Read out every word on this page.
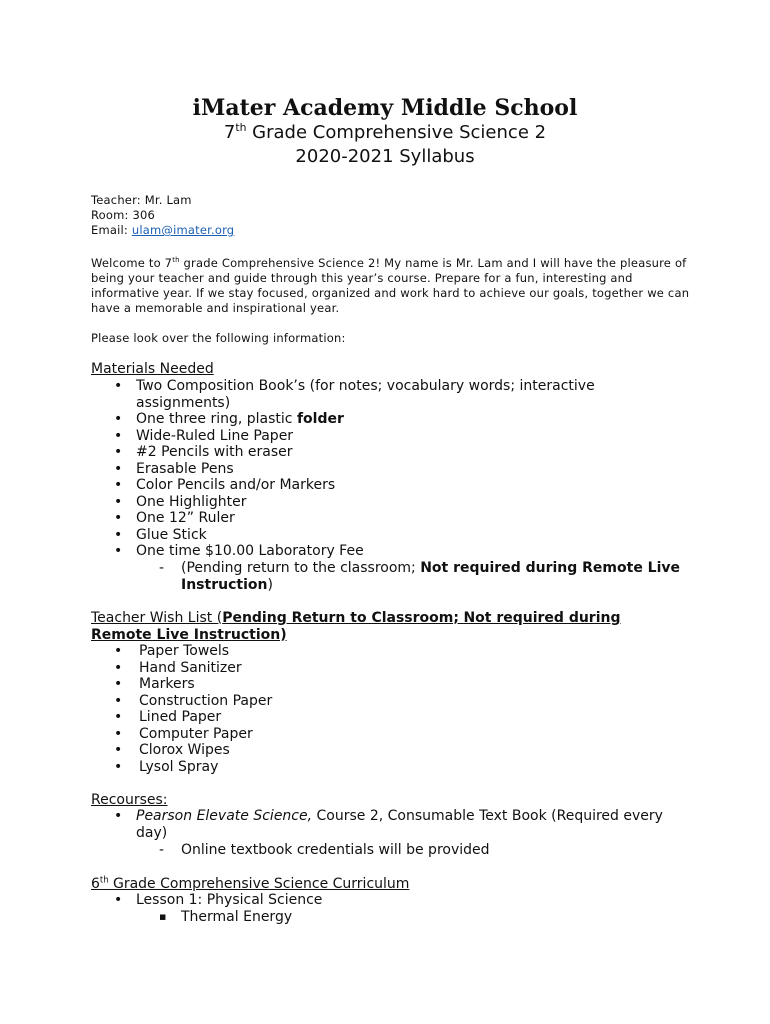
iMater Academy Middle School
7th Grade Comprehensive Science 2
2020-2021 Syllabus
Teacher: Mr. Lam
Room: 306
Email: ulam@imater.org
Welcome to 7th grade Comprehensive Science 2! My name is Mr. Lam and I will have the pleasure of being your teacher and guide through this year’s course. Prepare for a fun, interesting and informative year. If we stay focused, organized and work hard to achieve our goals, together we can have a memorable and inspirational year.
Please look over the following information:
Materials Needed
• Two Composition Book’s (for notes; vocabulary words; interactive assignments)
• One three ring, plastic folder
• Wide-Ruled Line Paper
• #2 Pencils with eraser
• Erasable Pens
• Color Pencils and/or Markers
• One Highlighter
• One 12” Ruler
• Glue Stick
• One time $10.00 Laboratory Fee
- (Pending return to the classroom; Not required during Remote Live Instruction)
Teacher Wish List (Pending Return to Classroom; Not required during Remote Live Instruction)
• Paper Towels
• Hand Sanitizer
• Markers
• Construction Paper
• Lined Paper
• Computer Paper
• Clorox Wipes
• Lysol Spray
Recourses:
• Pearson Elevate Science, Course 2, Consumable Text Book (Required every day)
- Online textbook credentials will be provided
6th Grade Comprehensive Science Curriculum
• Lesson 1: Physical Science
▪ Thermal Energy
